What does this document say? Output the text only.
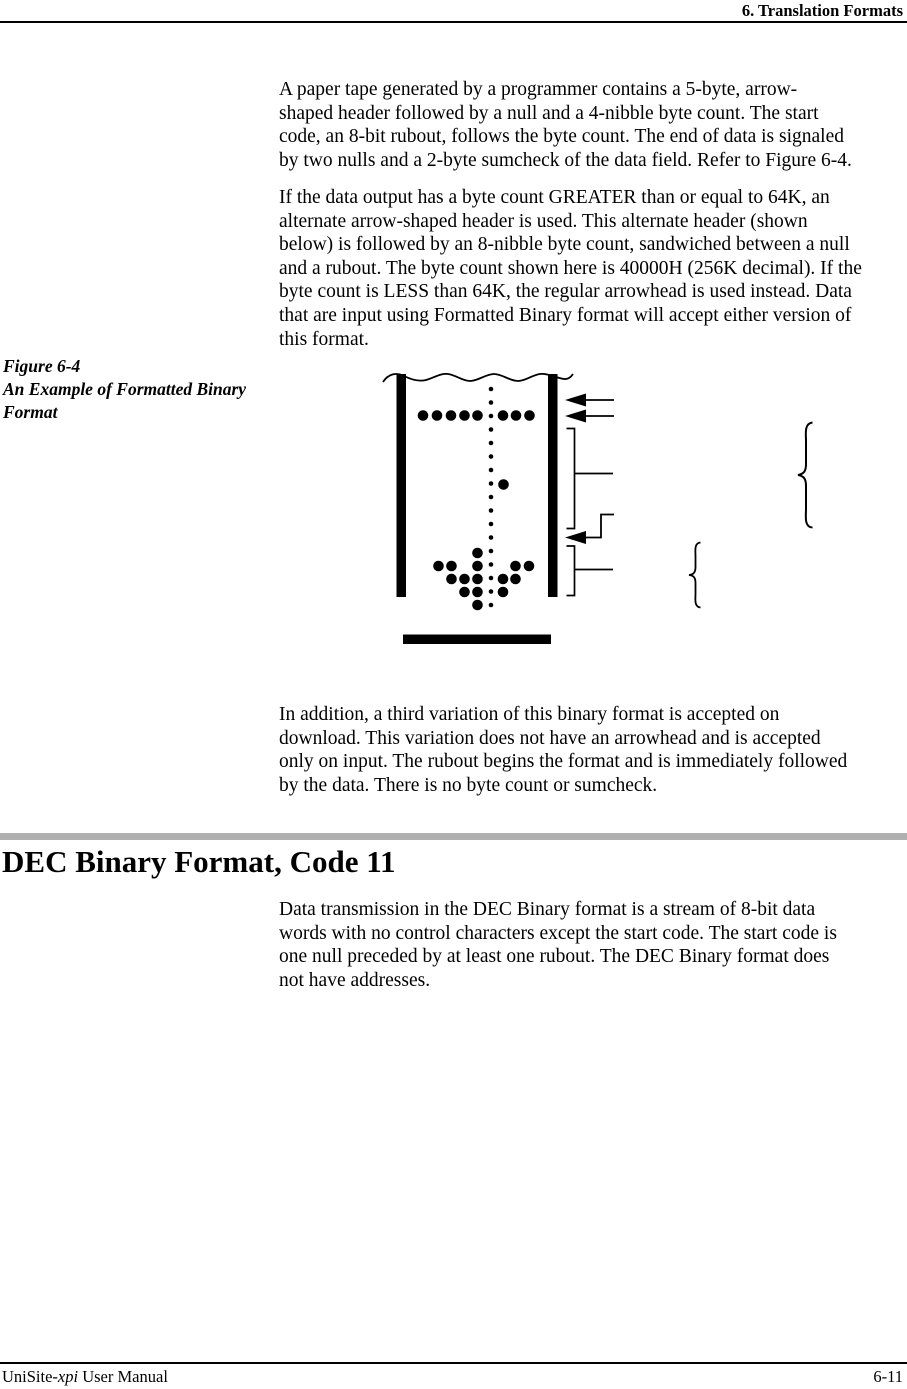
6. Translation Formats
A paper tape generated by a programmer contains a 5-byte, arrow-
shaped header followed by a null and a 4-nibble byte count. The start
code, an 8-bit rubout, follows the byte count. The end of data is signaled
by two nulls and a 2-byte sumcheck of the data field. Refer to Figure 6-4.
If the data output has a byte count GREATER than or equal to 64K, an
alternate arrow-shaped header is used. This alternate header (shown
below) is followed by an 8-nibble byte count, sandwiched between a null
and a rubout. The byte count shown here is 40000H (256K decimal). If the
byte count is LESS than 64K, the regular arrowhead is used instead. Data
that are input using Formatted Binary format will accept either version of
this format.
Figure 6-4
An Example of Formatted Binary
Format
In addition, a third variation of this binary format is accepted on
download. This variation does not have an arrowhead and is accepted
only on input. The rubout begins the format and is immediately followed
by the data. There is no byte count or sumcheck.
DEC Binary Format, Code 11
Data transmission in the DEC Binary format is a stream of 8-bit data
words with no control characters except the start code. The start code is
one null preceded by at least one rubout. The DEC Binary format does
not have addresses.
UniSite-xpi User Manual	6-11
